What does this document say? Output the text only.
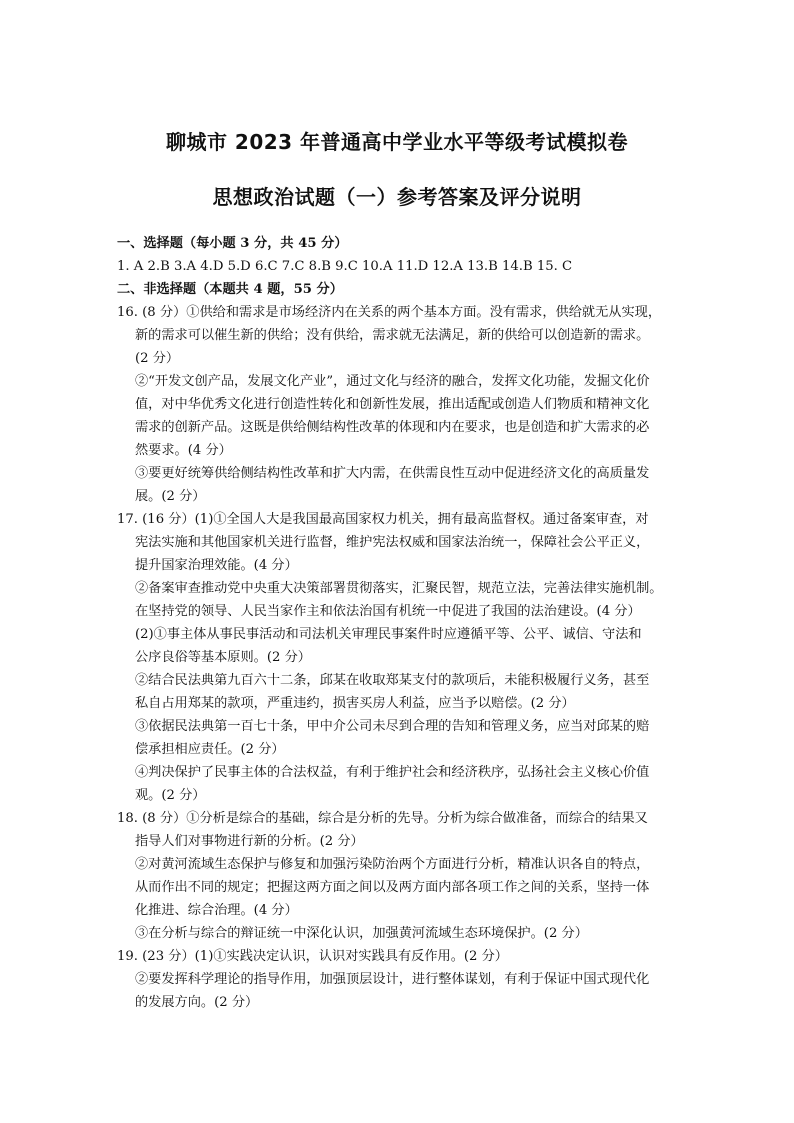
聊城市 2023 年普通高中学业水平等级考试模拟卷
思想政治试题（一）参考答案及评分说明
一、选择题（每小题 3 分，共 45 分）
1. A 2.B 3.A 4.D 5.D 6.C 7.C 8.B 9.C 10.A 11.D 12.A 13.B 14.B 15. C
二、非选择题（本题共 4 题，55 分）
16. (8 分）①供给和需求是市场经济内在关系的两个基本方面。没有需求，供给就无从实现，
新的需求可以催生新的供给；没有供给，需求就无法满足，新的供给可以创造新的需求。
(2 分）
②“开发文创产品，发展文化产业”，通过文化与经济的融合，发挥文化功能，发掘文化价
值，对中华优秀文化进行创造性转化和创新性发展，推出适配或创造人们物质和精神文化
需求的创新产品。这既是供给侧结构性改革的体现和内在要求，也是创造和扩大需求的必
然要求。(4 分）
③要更好统筹供给侧结构性改革和扩大内需，在供需良性互动中促进经济文化的高质量发
展。(2 分）
17. (16 分）(1)①全国人大是我国最高国家权力机关，拥有最高监督权。通过备案审查，对
宪法实施和其他国家机关进行监督，维护宪法权威和国家法治统一，保障社会公平正义，
提升国家治理效能。(4 分）
②备案审查推动党中央重大决策部署贯彻落实，汇聚民智，规范立法，完善法律实施机制。
在坚持党的领导、人民当家作主和依法治国有机统一中促进了我国的法治建设。(4 分）
(2)①事主体从事民事活动和司法机关审理民事案件时应遵循平等、公平、诚信、守法和
公序良俗等基本原则。(2 分）
②结合民法典第九百六十二条，邱某在收取郑某支付的款项后，未能积极履行义务，甚至
私自占用郑某的款项，严重违约，损害买房人利益，应当予以赔偿。(2 分）
③依据民法典第一百七十条，甲中介公司未尽到合理的告知和管理义务，应当对邱某的赔
偿承担相应责任。(2 分）
④判决保护了民事主体的合法权益，有利于维护社会和经济秩序，弘扬社会主义核心价值
观。(2 分）
18. (8 分）①分析是综合的基础，综合是分析的先导。分析为综合做准备，而综合的结果又
指导人们对事物进行新的分析。(2 分）
②对黄河流域生态保护与修复和加强污染防治两个方面进行分析，精准认识各自的特点，
从而作出不同的规定；把握这两方面之间以及两方面内部各项工作之间的关系，坚持一体
化推进、综合治理。(4 分）
③在分析与综合的辩证统一中深化认识，加强黄河流域生态环境保护。(2 分）
19. (23 分）(1)①实践决定认识，认识对实践具有反作用。(2 分）
②要发挥科学理论的指导作用，加强顶层设计，进行整体谋划，有利于保证中国式现代化
的发展方向。(2 分）
